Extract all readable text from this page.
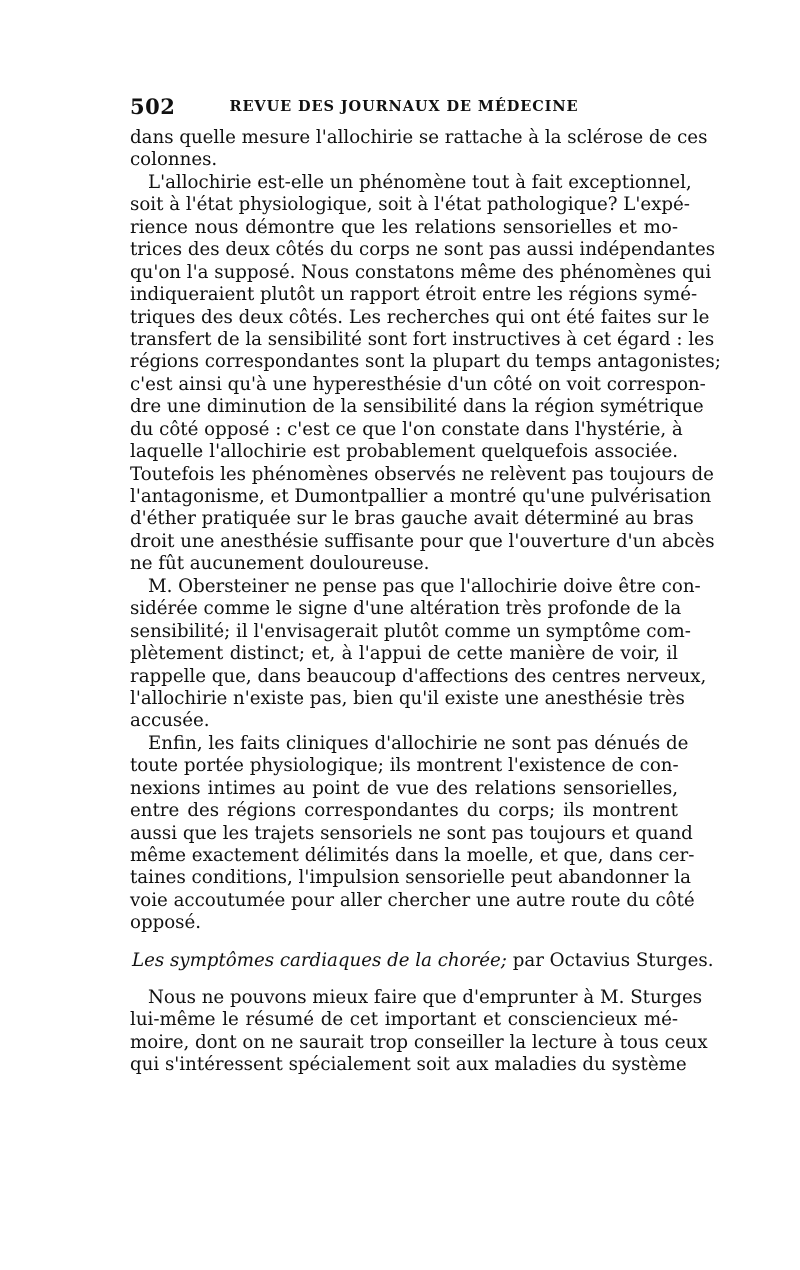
502	REVUE DES JOURNAUX DE MÉDECINE
dans quelle mesure l'allochirie se rattache à la sclérose de ces
colonnes.
L'allochirie est-elle un phénomène tout à fait exceptionnel,
soit à l'état physiologique, soit à l'état pathologique? L'expé-
rience nous démontre que les relations sensorielles et mo-
trices des deux côtés du corps ne sont pas aussi indépendantes
qu'on l'a supposé. Nous constatons même des phénomènes qui
indiqueraient plutôt un rapport étroit entre les régions symé-
triques des deux côtés. Les recherches qui ont été faites sur le
transfert de la sensibilité sont fort instructives à cet égard : les
régions correspondantes sont la plupart du temps antagonistes;
c'est ainsi qu'à une hyperesthésie d'un côté on voit correspon-
dre une diminution de la sensibilité dans la région symétrique
du côté opposé : c'est ce que l'on constate dans l'hystérie, à
laquelle l'allochirie est probablement quelquefois associée.
Toutefois les phénomènes observés ne relèvent pas toujours de
l'antagonisme, et Dumontpallier a montré qu'une pulvérisation
d'éther pratiquée sur le bras gauche avait déterminé au bras
droit une anesthésie suffisante pour que l'ouverture d'un abcès
ne fût aucunement douloureuse.
M. Obersteiner ne pense pas que l'allochirie doive être con-
sidérée comme le signe d'une altération très profonde de la
sensibilité; il l'envisagerait plutôt comme un symptôme com-
plètement distinct; et, à l'appui de cette manière de voir, il
rappelle que, dans beaucoup d'affections des centres nerveux,
l'allochirie n'existe pas, bien qu'il existe une anesthésie très
accusée.
Enfin, les faits cliniques d'allochirie ne sont pas dénués de
toute portée physiologique; ils montrent l'existence de con-
nexions intimes au point de vue des relations sensorielles,
entre des régions correspondantes du corps; ils montrent
aussi que les trajets sensoriels ne sont pas toujours et quand
même exactement délimités dans la moelle, et que, dans cer-
taines conditions, l'impulsion sensorielle peut abandonner la
voie accoutumée pour aller chercher une autre route du côté
opposé.
Les symptômes cardiaques de la chorée; par Octavius Sturges.
Nous ne pouvons mieux faire que d'emprunter à M. Sturges
lui-même le résumé de cet important et consciencieux mé-
moire, dont on ne saurait trop conseiller la lecture à tous ceux
qui s'intéressent spécialement soit aux maladies du système
